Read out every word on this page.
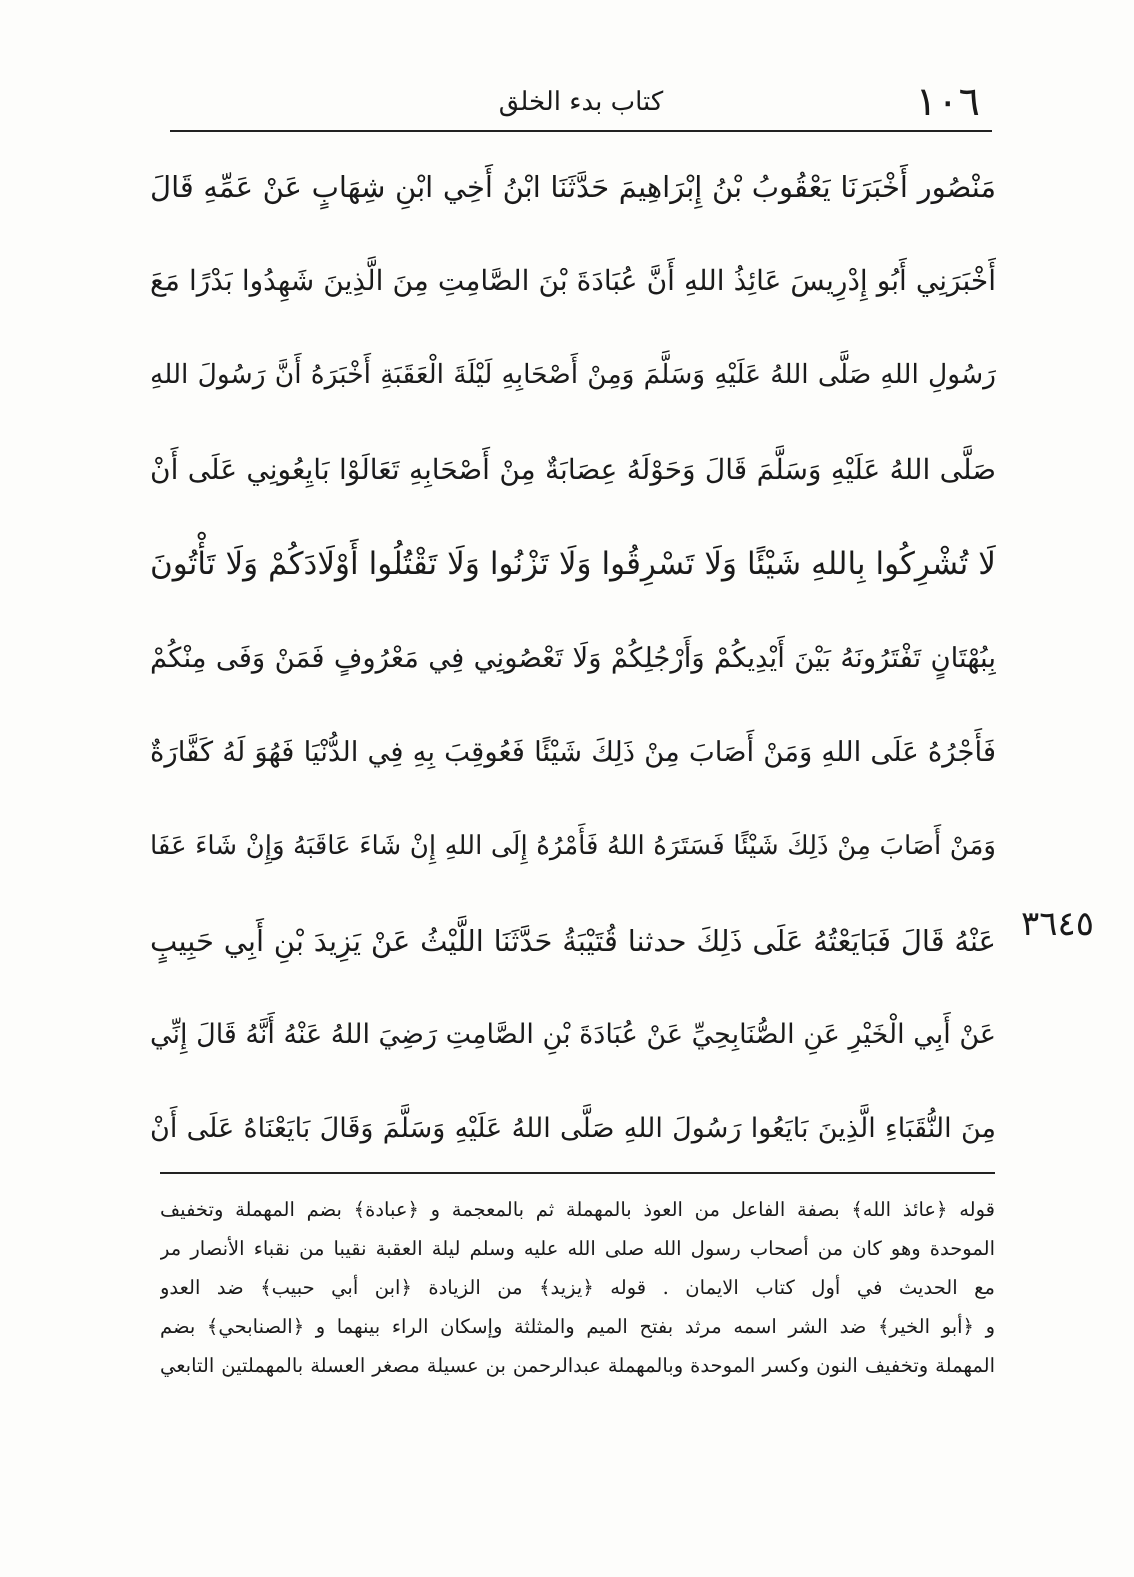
١٠٦
كتاب بدء الخلق
مَنْصُور أَخْبَرَنَا يَعْقُوبُ بْنُ إِبْرَاهِيمَ حَدَّثَنَا ابْنُ أَخِي ابْنِ شِهَابٍ عَنْ عَمِّهِ قَالَ
أَخْبَرَنِي أَبُو إِدْرِيسَ عَائِذُ اللهِ أَنَّ عُبَادَةَ بْنَ الصَّامِتِ مِنَ الَّذِينَ شَهِدُوا بَدْرًا مَعَ
رَسُولِ اللهِ صَلَّى اللهُ عَلَيْهِ وَسَلَّمَ وَمِنْ أَصْحَابِهِ لَيْلَةَ الْعَقَبَةِ أَخْبَرَهُ أَنَّ رَسُولَ اللهِ
صَلَّى اللهُ عَلَيْهِ وَسَلَّمَ قَالَ وَحَوْلَهُ عِصَابَةٌ مِنْ أَصْحَابِهِ تَعَالَوْا بَايِعُونِي عَلَى أَنْ
لَا تُشْرِكُوا بِاللهِ شَيْئًا وَلَا تَسْرِقُوا وَلَا تَزْنُوا وَلَا تَقْتُلُوا أَوْلَادَكُمْ وَلَا تَأْتُونَ
بِبُهْتَانٍ تَفْتَرُونَهُ بَيْنَ أَيْدِيكُمْ وَأَرْجُلِكُمْ وَلَا تَعْصُونِي فِي مَعْرُوفٍ فَمَنْ وَفَى مِنْكُمْ
فَأَجْرُهُ عَلَى اللهِ وَمَنْ أَصَابَ مِنْ ذَلِكَ شَيْئًا فَعُوقِبَ بِهِ فِي الدُّنْيَا فَهُوَ لَهُ كَفَّارَةٌ
وَمَنْ أَصَابَ مِنْ ذَلِكَ شَيْئًا فَسَتَرَهُ اللهُ فَأَمْرُهُ إِلَى اللهِ إِنْ شَاءَ عَاقَبَهُ وَإِنْ شَاءَ عَفَا
عَنْهُ قَالَ فَبَايَعْتُهُ عَلَى ذَلِكَ حدثنا قُتَيْبَةُ حَدَّثَنَا اللَّيْثُ عَنْ يَزِيدَ بْنِ أَبِي حَبِيبٍ
عَنْ أَبِي الْخَيْرِ عَنِ الصُّنَابِحِيِّ عَنْ عُبَادَةَ بْنِ الصَّامِتِ رَضِيَ اللهُ عَنْهُ أَنَّهُ قَالَ إِنِّي
مِنَ النُّقَبَاءِ الَّذِينَ بَايَعُوا رَسُولَ اللهِ صَلَّى اللهُ عَلَيْهِ وَسَلَّمَ وَقَالَ بَايَعْنَاهُ عَلَى أَنْ
٣٦٤٥
قوله ﴿عائذ الله﴾ بصفة الفاعل من العوذ بالمهملة ثم بالمعجمة و ﴿عبادة﴾ بضم المهملة وتخفيف
الموحدة وهو كان من أصحاب رسول الله صلى الله عليه وسلم ليلة العقبة نقيبا من نقباء الأنصار مر
مع الحديث في أول كتاب الايمان . قوله ﴿يزيد﴾ من الزيادة ﴿ابن أبي حبيب﴾ ضد العدو
و ﴿أبو الخير﴾ ضد الشر اسمه مرثد بفتح الميم والمثلثة وإسكان الراء بينهما و ﴿الصنابحي﴾ بضم
المهملة وتخفيف النون وكسر الموحدة وبالمهملة عبدالرحمن بن عسيلة مصغر العسلة بالمهملتين التابعي
